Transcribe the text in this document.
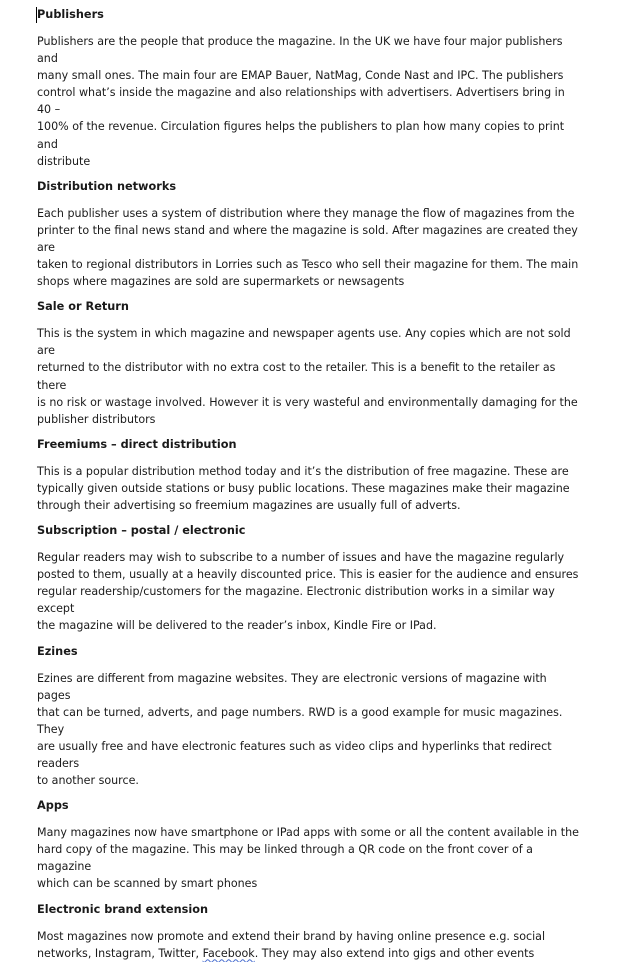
Publishers

Publishers are the people that produce the magazine. In the UK we have four major publishers and
many small ones. The main four are EMAP Bauer, NatMag, Conde Nast and IPC. The publishers
control what’s inside the magazine and also relationships with advertisers. Advertisers bring in 40 –
100% of the revenue. Circulation figures helps the publishers to plan how many copies to print and
distribute

Distribution networks

Each publisher uses a system of distribution where they manage the flow of magazines from the
printer to the final news stand and where the magazine is sold. After magazines are created they are
taken to regional distributors in Lorries such as Tesco who sell their magazine for them. The main
shops where magazines are sold are supermarkets or newsagents

Sale or Return

This is the system in which magazine and newspaper agents use. Any copies which are not sold are
returned to the distributor with no extra cost to the retailer. This is a benefit to the retailer as there
is no risk or wastage involved. However it is very wasteful and environmentally damaging for the
publisher distributors

Freemiums – direct distribution

This is a popular distribution method today and it’s the distribution of free magazine. These are
typically given outside stations or busy public locations. These magazines make their magazine
through their advertising so freemium magazines are usually full of adverts.

Subscription – postal / electronic

Regular readers may wish to subscribe to a number of issues and have the magazine regularly
posted to them, usually at a heavily discounted price. This is easier for the audience and ensures
regular readership/customers for the magazine. Electronic distribution works in a similar way except
the magazine will be delivered to the reader’s inbox, Kindle Fire or IPad.

Ezines

Ezines are different from magazine websites. They are electronic versions of magazine with pages
that can be turned, adverts, and page numbers. RWD is a good example for music magazines. They
are usually free and have electronic features such as video clips and hyperlinks that redirect readers
to another source.

Apps

Many magazines now have smartphone or IPad apps with some or all the content available in the
hard copy of the magazine. This may be linked through a QR code on the front cover of a magazine
which can be scanned by smart phones

Electronic brand extension

Most magazines now promote and extend their brand by having online presence e.g. social
networks, Instagram, Twitter, Facebook. They may also extend into gigs and other events
